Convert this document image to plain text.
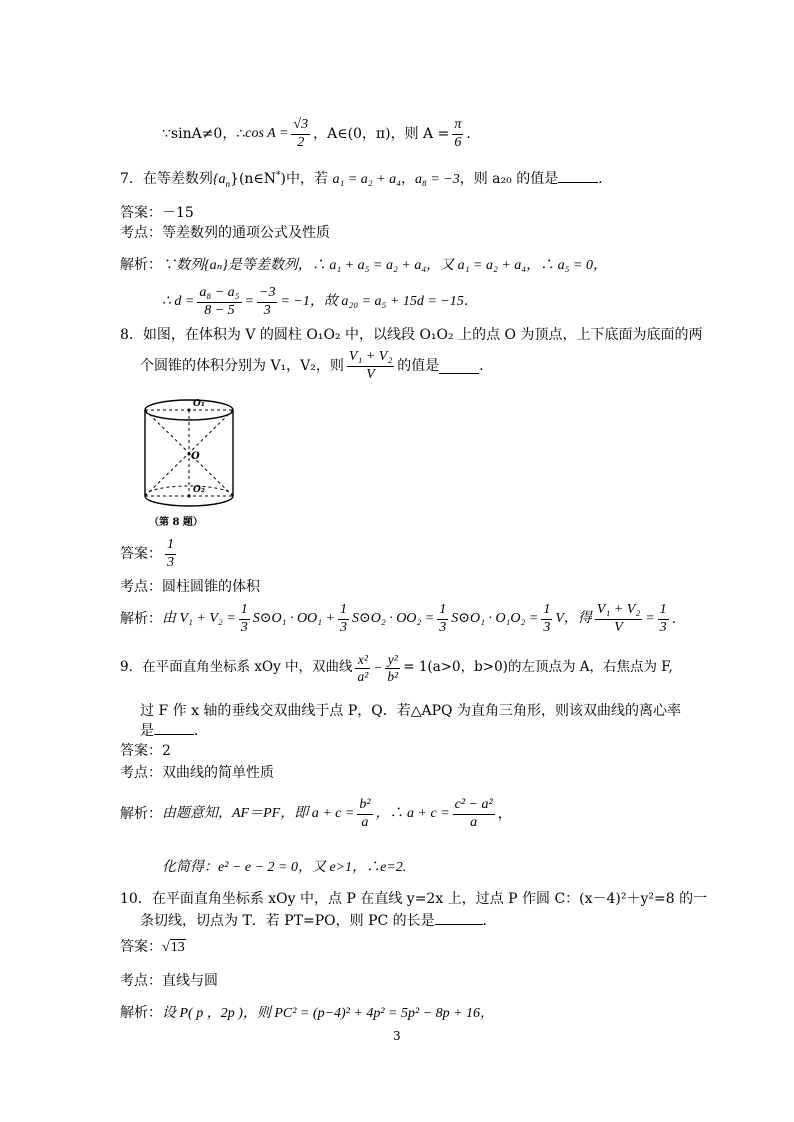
∵sinA≠0，∴ $\cos A = \frac{√3}{2}$ ，A∈(0，π)，则 $A = \frac{\pi}{6}$ .
7．在等差数列$\{a_n\}(n\in N^*)$中，若 a₁ = a₂ + a₄，a₈ = −3，则 a₂₀ 的值是	．
答案：－15
考点：等差数列的通项公式及性质
解析：∵数列{aₙ}是等差数列，∴ a₁ + a₅ = a₂ + a₄，又 a₁ = a₂ + a₄，∴ a₅ = 0，
∴ $d = \frac{\text{a₈ − a₅}}{8 - 5} = \frac{-3}{3} = -1$，故 a₂₀ = a₅ + 15d = −15．
8．如图，在体积为 V 的圆柱 O₁O₂ 中，以线段 O₁O₂ 上的点 O 为顶点，上下底面为底面的两
个圆锥的体积分别为 V₁，V₂，则 $\frac{\text{V₁ + V₂}}{V}$ 的值是	．
O₁
O
O₂
（第 8 题）
答案： $\frac{1}{3}$
考点：圆柱圆锥的体积
解析： 由 $V_1 + V_2 = \frac{1}{3}$ S⊙O₁ · $OO_1 + \frac{1}{3}$ S⊙O₂ · $OO_2 = \frac{1}{3}$ S⊙O₁ · $O_1O_2 = \frac{1}{3}$ V，得 $\frac{\text{V₁ + V₂}}{V} = \frac{1}{3}$ ．
9． 在平面直角坐标系 xOy 中，双曲线 $\frac{\text{x²}}{\text{a²}} - \frac{\text{y²}}{\text{b²}} = 1(a>0$，b>0)的左顶点为 A，右焦点为 F,
过 F 作 x 轴的垂线交双曲线于点 P，Q．若△APQ 为直角三角形，则该双曲线的离心率
是	．
答案：2
考点：双曲线的简单性质
解析： 由题意知，AF＝PF，即 $a + c = \frac{\text{b²}}{a}$ ，∴ $a + c = \frac{\text{c² − a²}}{a}$ ，
化简得：e² − e − 2 = 0，又 e>1，∴e=2.
10．在平面直角坐标系 xOy 中，点 P 在直线 y=2x 上，过点 P 作圆 C：(x－4)²＋y²=8 的一
条切线，切点为 T．若 PT=PO，则 PC 的长是	．
答案：√13
考点：直线与圆
解析：设 P( p ，2p )，则 PC² = (p−4)² + 4p² = 5p² − 8p + 16，
3
